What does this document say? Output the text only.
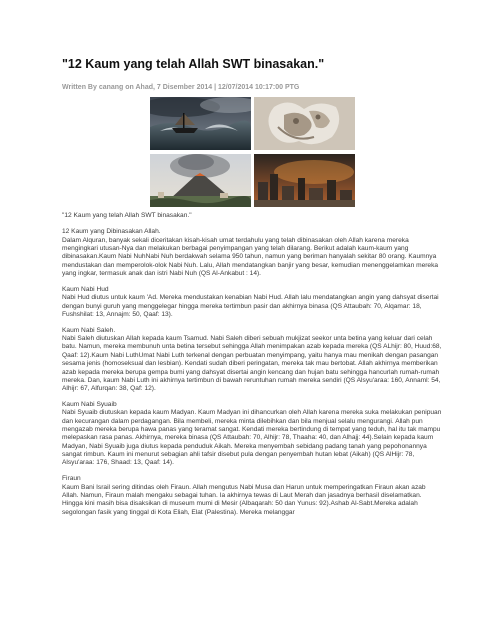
"12 Kaum yang telah Allah SWT binasakan."
Written By canang on Ahad, 7 Disember 2014 | 12/07/2014 10:17:00 PTG

"12 Kaum yang telah Allah SWT binasakan."

12 Kaum yang Dibinasakan Allah.
Dalam Alquran, banyak sekali diceritakan kisah-kisah umat terdahulu yang telah dibinasakan oleh Allah karena mereka mengingkari utusan-Nya dan melakukan berbagai penyimpangan yang telah dilarang. Berikut adalah kaum-kaum yang dibinasakan.Kaum Nabi NuhNabi Nuh berdakwah selama 950 tahun, namun yang beriman hanyalah sekitar 80 orang. Kaumnya mendustakan dan memperolok-olok Nabi Nuh. Lalu, Allah mendatangkan banjir yang besar, kemudian menenggelamkan mereka yang ingkar, termasuk anak dan istri Nabi Nuh (QS Al-Ankabut : 14).

Kaum Nabi Hud
Nabi Hud diutus untuk kaum 'Ad. Mereka mendustakan kenabian Nabi Hud. Allah lalu mendatangkan angin yang dahsyat disertai dengan bunyi guruh yang menggelegar hingga mereka tertimbun pasir dan akhirnya binasa (QS Attaubah: 70, Alqamar: 18, Fushshilat: 13, Annajm: 50, Qaaf: 13).

Kaum Nabi Saleh.
Nabi Saleh diutuskan Allah kepada kaum Tsamud. Nabi Saleh diberi sebuah mukjizat seekor unta betina yang keluar dari celah batu. Namun, mereka membunuh unta betina tersebut sehingga Allah menimpakan azab kepada mereka (QS ALhijr: 80, Huud:68, Qaaf: 12).Kaum Nabi LuthUmat Nabi Luth terkenal dengan perbuatan menyimpang, yaitu hanya mau menikah dengan pasangan sesama jenis (homoseksual dan lesbian). Kendati sudah diberi peringatan, mereka tak mau bertobat. Allah akhirnya memberikan azab kepada mereka berupa gempa bumi yang dahsyat disertai angin kencang dan hujan batu sehingga hancurlah rumah-rumah mereka. Dan, kaum Nabi Luth ini akhirnya tertimbun di bawah reruntuhan rumah mereka sendiri (QS Alsyu'araa: 160, Annaml: 54, Alhijr: 67, Alfurqan: 38, Qaf: 12).

Kaum Nabi Syuaib
Nabi Syuaib diutuskan kepada kaum Madyan. Kaum Madyan ini dihancurkan oleh Allah karena mereka suka melakukan penipuan dan kecurangan dalam perdagangan. Bila membeli, mereka minta dilebihkan dan bila menjual selalu mengurangi. Allah pun mengazab mereka berupa hawa panas yang teramat sangat. Kendati mereka bertindung di tempat yang teduh, hal itu tak mampu melepaskan rasa panas. Akhirnya, mereka binasa (QS Attaubah: 70, Alhijr: 78, Thaaha: 40, dan Alhajj: 44).Selain kepada kaum Madyan, Nabi Syuaib juga diutus kepada penduduk Aikah. Mereka menyembah sebidang padang tanah yang pepohonannya sangat rimbun. Kaum ini menurut sebagian ahli tafsir disebut pula dengan penyembah hutan lebat (Aikah) (QS AlHijr: 78, Alsyu'araa: 176, Shaad: 13, Qaaf: 14).

Firaun
Kaum Bani Israil sering ditindas oleh Firaun. Allah mengutus Nabi Musa dan Harun untuk memperingatkan Firaun akan azab Allah. Namun, Firaun malah mengaku sebagai tuhan. Ia akhirnya tewas di Laut Merah dan jasadnya berhasil diselamatkan. Hingga kini masih bisa disaksikan di museum mumi di Mesir (Albaqarah: 50 dan Yunus: 92).Ashab Al-Sabt.Mereka adalah segolongan fasik yang tinggal di Kota Eliah, Elat (Palestina). Mereka melanggar
